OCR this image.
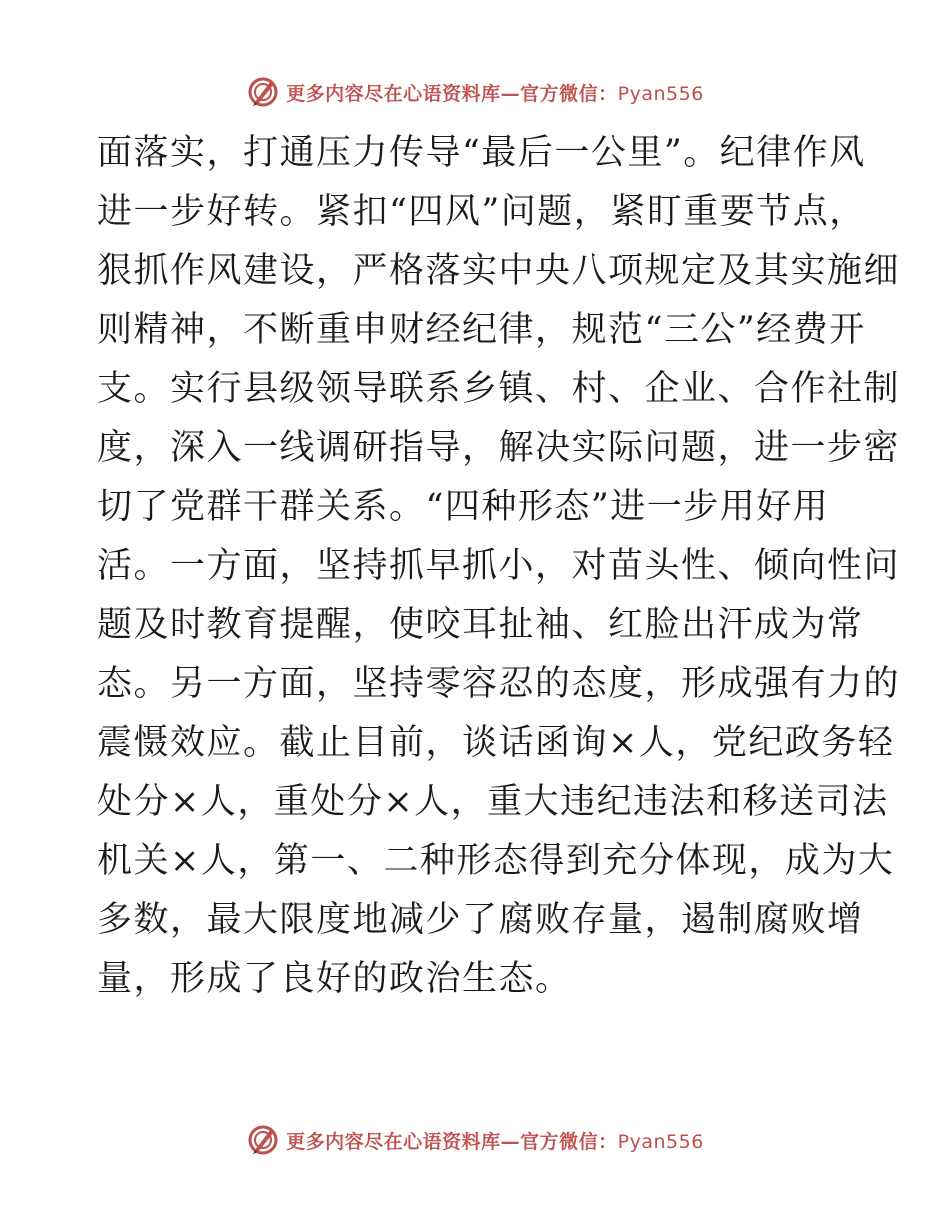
更多内容尽在心语资料库—官方微信：Pyan556
面落实，打通压力传导“最后一公里”。纪律作风
进一步好转。紧扣“四风”问题，紧盯重要节点，
狠抓作风建设，严格落实中央八项规定及其实施细
则精神，不断重申财经纪律，规范“三公”经费开
支。实行县级领导联系乡镇、村、企业、合作社制
度，深入一线调研指导，解决实际问题，进一步密
切了党群干群关系。“四种形态”进一步用好用
活。一方面，坚持抓早抓小，对苗头性、倾向性问
题及时教育提醒，使咬耳扯袖、红脸出汗成为常
态。另一方面，坚持零容忍的态度，形成强有力的
震慑效应。截止目前，谈话函询×人，党纪政务轻
处分×人，重处分×人，重大违纪违法和移送司法
机关×人，第一、二种形态得到充分体现，成为大
多数，最大限度地减少了腐败存量，遏制腐败增
量，形成了良好的政治生态。
更多内容尽在心语资料库—官方微信：Pyan556
